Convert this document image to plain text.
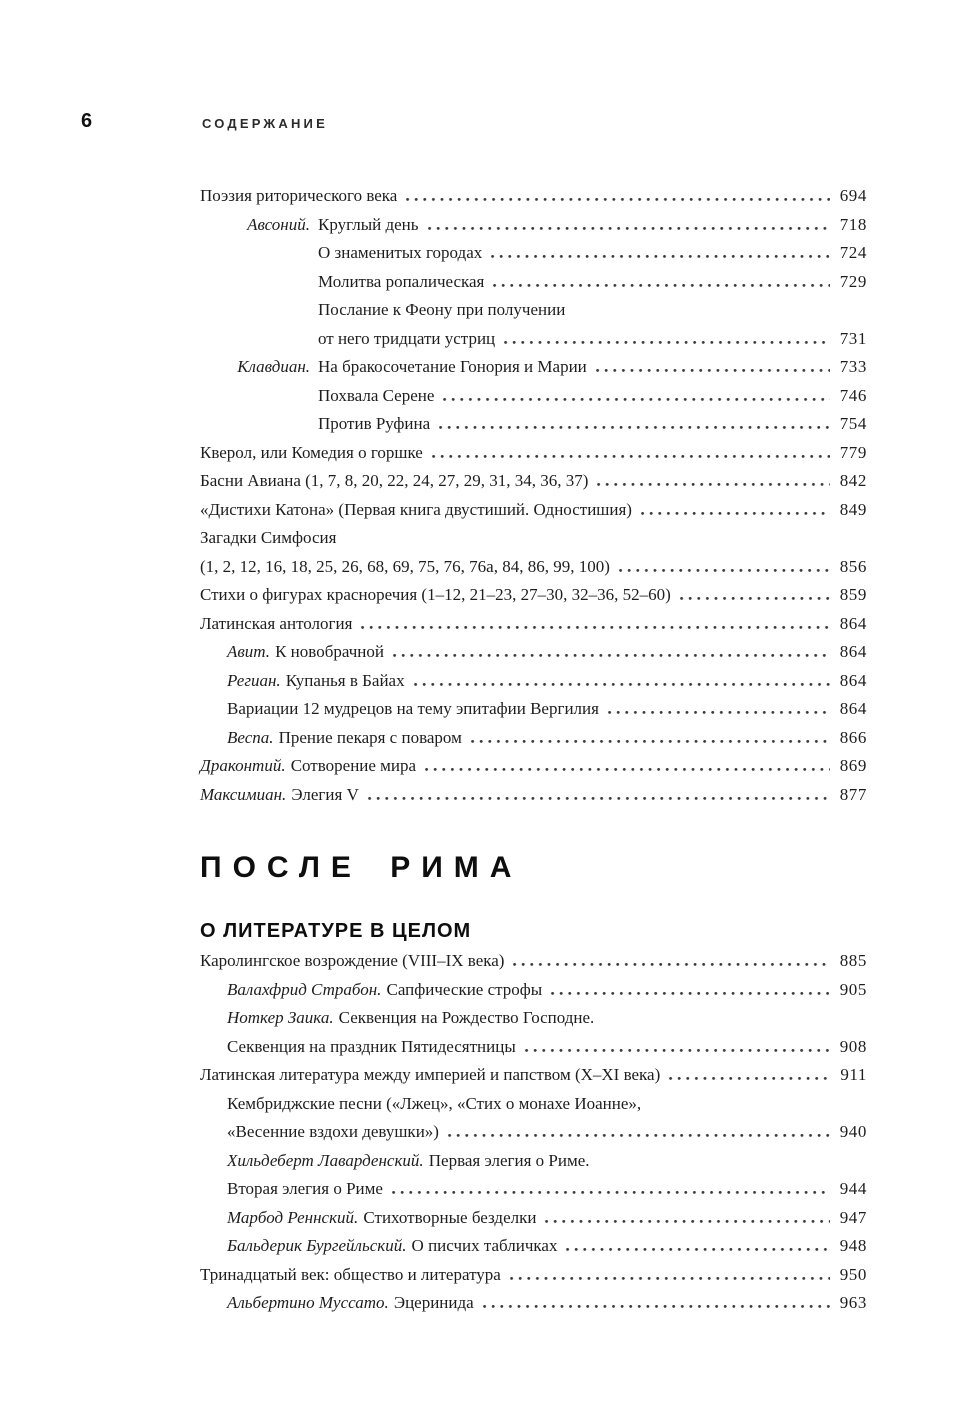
6	СОДЕРЖАНИЕ
Поэзия риторического века	694
Авсоний. Круглый день	718
О знаменитых городах	724
Молитва ропалическая	729
Послание к Феону при получении
от него тридцати устриц	731
Клавдиан. На бракосочетание Гонория и Марии	733
Похвала Серене	746
Против Руфина	754
Кверол, или Комедия о горшке	779
Басни Авиана (1, 7, 8, 20, 22, 24, 27, 29, 31, 34, 36, 37)	842
«Дистихи Катона» (Первая книга двустиший. Одностишия)	849
Загадки Симфосия
(1, 2, 12, 16, 18, 25, 26, 68, 69, 75, 76, 76а, 84, 86, 99, 100)	856
Стихи о фигурах красноречия (1–12, 21–23, 27–30, 32–36, 52–60)	859
Латинская антология	864
Авит. К новобрачной	864
Региан. Купанья в Байах	864
Вариации 12 мудрецов на тему эпитафии Вергилия	864
Веспа. Прение пекаря с поваром	866
Драконтий. Сотворение мира	869
Максимиан. Элегия V	877
ПОСЛЕ РИМА
О ЛИТЕРАТУРЕ В ЦЕЛОМ
Каролингское возрождение (VIII–IX века)	885
Валахфрид Страбон. Сапфические строфы	905
Ноткер Заика. Секвенция на Рождество Господне.
Секвенция на праздник Пятидесятницы	908
Латинская литература между империей и папством (X–XI века)	911
Кембриджские песни («Лжец», «Стих о монахе Иоанне»,
«Весенние вздохи девушки»)	940
Хильдеберт Лаварденский. Первая элегия о Риме.
Вторая элегия о Риме	944
Марбод Реннский. Стихотворные безделки	947
Бальдерик Бургейльский. О писчих табличках	948
Тринадцатый век: общество и литература	950
Альбертино Муссато. Эцеринида	963
